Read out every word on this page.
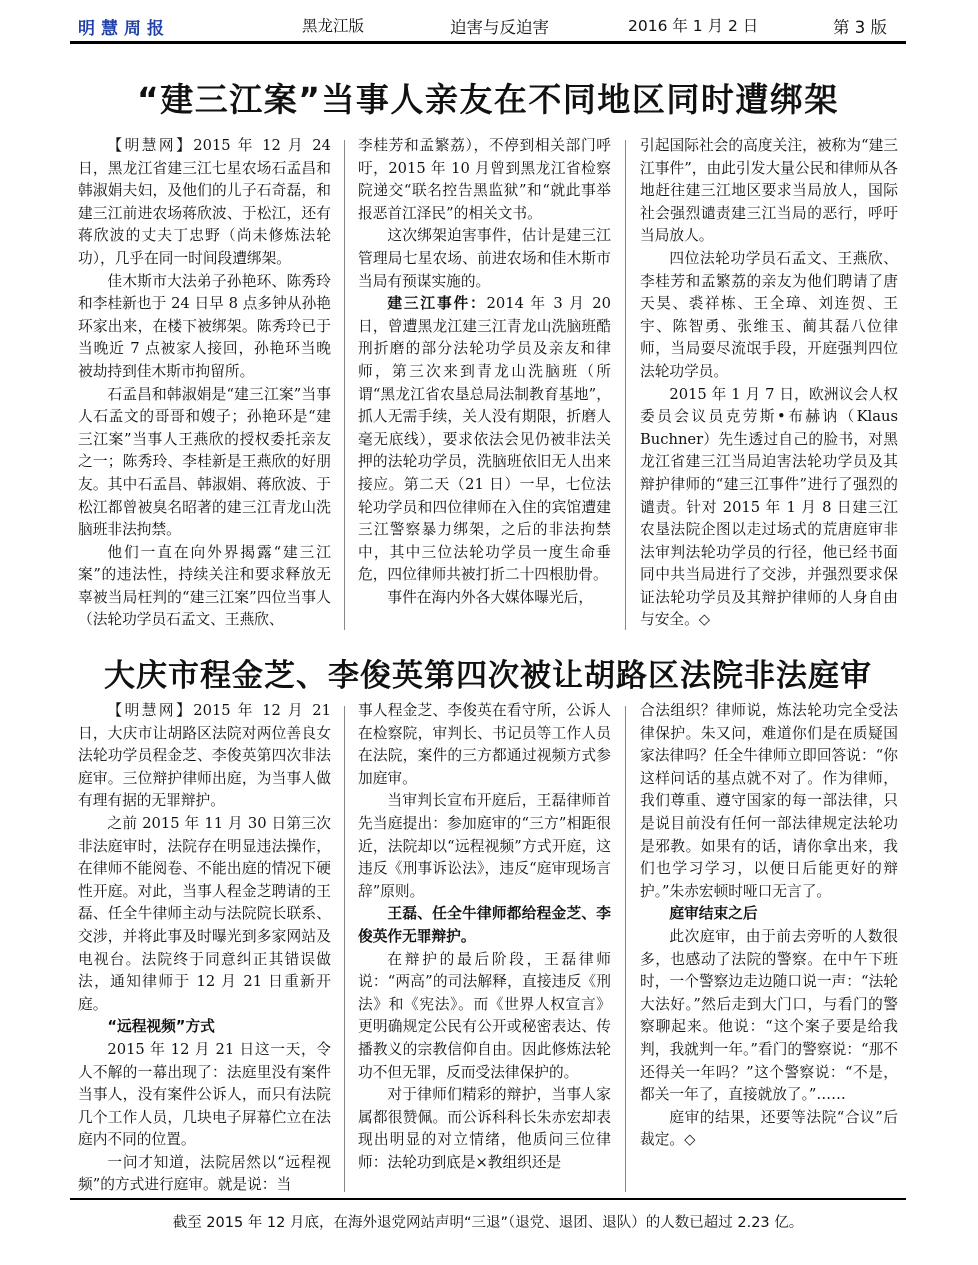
明慧周报	黑龙江版	迫害与反迫害	2016 年 1 月 2 日	第 3 版
“建三江案”当事人亲友在不同地区同时遭绑架

【明慧网】2015 年 12 月 24 日，黑龙江省建三江七星农场石孟昌和韩淑娟夫妇，及他们的儿子石奇磊，和建三江前进农场蒋欣波、于松江，还有蒋欣波的丈夫丁忠野（尚未修炼法轮功），几乎在同一时间段遭绑架。

佳木斯市大法弟子孙艳环、陈秀玲和李桂新也于 24 日早 8 点多钟从孙艳环家出来，在楼下被绑架。陈秀玲已于当晚近 7 点被家人接回，孙艳环当晚被劫持到佳木斯市拘留所。

石孟昌和韩淑娟是“建三江案”当事人石孟文的哥哥和嫂子；孙艳环是“建三江案”当事人王燕欣的授权委托亲友之一；陈秀玲、李桂新是王燕欣的好朋友。其中石孟昌、韩淑娟、蒋欣波、于松江都曾被臭名昭著的建三江青龙山洗脑班非法拘禁。

他们一直在向外界揭露“建三江案”的违法性，持续关注和要求释放无辜被当局枉判的“建三江案”四位当事人（法轮功学员石孟文、王燕欣、

李桂芳和孟繁荔），不停到相关部门呼吁，2015 年 10 月曾到黑龙江省检察院递交“联名控告黑监狱”和“就此事举报恶首江泽民”的相关文书。

这次绑架迫害事件，估计是建三江管理局七星农场、前进农场和佳木斯市当局有预谋实施的。

建三江事件：2014 年 3 月 20 日，曾遭黑龙江建三江青龙山洗脑班酷刑折磨的部分法轮功学员及亲友和律师，第三次来到青龙山洗脑班（所谓“黑龙江省农垦总局法制教育基地”，抓人无需手续，关人没有期限，折磨人毫无底线），要求依法会见仍被非法关押的法轮功学员，洗脑班依旧无人出来接应。第二天（21 日）一早，七位法轮功学员和四位律师在入住的宾馆遭建三江警察暴力绑架，之后的非法拘禁中，其中三位法轮功学员一度生命垂危，四位律师共被打折二十四根肋骨。

事件在海内外各大媒体曝光后，

引起国际社会的高度关注，被称为“建三江事件”，由此引发大量公民和律师从各地赶往建三江地区要求当局放人，国际社会强烈谴责建三江当局的恶行，呼吁当局放人。

四位法轮功学员石孟文、王燕欣、李桂芳和孟繁荔的亲友为他们聘请了唐天昊、裘祥栋、王全璋、刘连贺、王宇、陈智勇、张维玉、蔺其磊八位律师，当局耍尽流氓手段，开庭强判四位法轮功学员。

2015 年 1 月 7 日，欧洲议会人权委员会议员克劳斯•布赫讷（Klaus Buchner）先生透过自己的脸书，对黑龙江省建三江当局迫害法轮功学员及其辩护律师的“建三江事件”进行了强烈的谴责。针对 2015 年 1 月 8 日建三江农垦法院企图以走过场式的荒唐庭审非法审判法轮功学员的行径，他已经书面同中共当局进行了交涉，并强烈要求保证法轮功学员及其辩护律师的人身自由与安全。◇

大庆市程金芝、李俊英第四次被让胡路区法院非法庭审

【明慧网】2015 年 12 月 21 日，大庆市让胡路区法院对两位善良女法轮功学员程金芝、李俊英第四次非法庭审。三位辩护律师出庭，为当事人做有理有据的无罪辩护。

之前 2015 年 11 月 30 日第三次非法庭审时，法院存在明显违法操作，在律师不能阅卷、不能出庭的情况下硬性开庭。对此，当事人程金芝聘请的王磊、任全牛律师主动与法院院长联系、交涉，并将此事及时曝光到多家网站及电视台。法院终于同意纠正其错误做法，通知律师于 12 月 21 日重新开庭。

“远程视频”方式

2015 年 12 月 21 日这一天，令人不解的一幕出现了：法庭里没有案件当事人，没有案件公诉人，而只有法院几个工作人员，几块电子屏幕伫立在法庭内不同的位置。

一问才知道，法院居然以“远程视频”的方式进行庭审。就是说：当

事人程金芝、李俊英在看守所，公诉人在检察院，审判长、书记员等工作人员在法院，案件的三方都通过视频方式参加庭审。

当审判长宣布开庭后，王磊律师首先当庭提出：参加庭审的“三方”相距很近，法院却以“远程视频”方式开庭，这违反《刑事诉讼法》，违反“庭审现场言辞”原则。

王磊、任全牛律师都给程金芝、李俊英作无罪辩护。

在辩护的最后阶段，王磊律师说：“两高”的司法解释，直接违反《刑法》和《宪法》。而《世界人权宣言》更明确规定公民有公开或秘密表达、传播教义的宗教信仰自由。因此修炼法轮功不但无罪，反而受法律保护的。

对于律师们精彩的辩护，当事人家属都很赞佩。而公诉科科长朱赤宏却表现出明显的对立情绪，他质问三位律师：法轮功到底是×教组织还是

合法组织？律师说，炼法轮功完全受法律保护。朱又问，难道你们是在质疑国家法律吗？任全牛律师立即回答说：“你这样问话的基点就不对了。作为律师，我们尊重、遵守国家的每一部法律，只是说目前没有任何一部法律规定法轮功是邪教。如果有的话，请你拿出来，我们也学习学习，以便日后能更好的辩护。”朱赤宏顿时哑口无言了。

庭审结束之后

此次庭审，由于前去旁听的人数很多，也感动了法院的警察。在中午下班时，一个警察边走边随口说一声：“法轮大法好。”然后走到大门口，与看门的警察聊起来。他说：“这个案子要是给我判，我就判一年。”看门的警察说：“那不还得关一年吗？”这个警察说：“不是，都关一年了，直接就放了。”……

庭审的结果，还要等法院“合议”后裁定。◇

截至 2015 年 12 月底，在海外退党网站声明“三退”（退党、退团、退队）的人数已超过 2.23 亿。
